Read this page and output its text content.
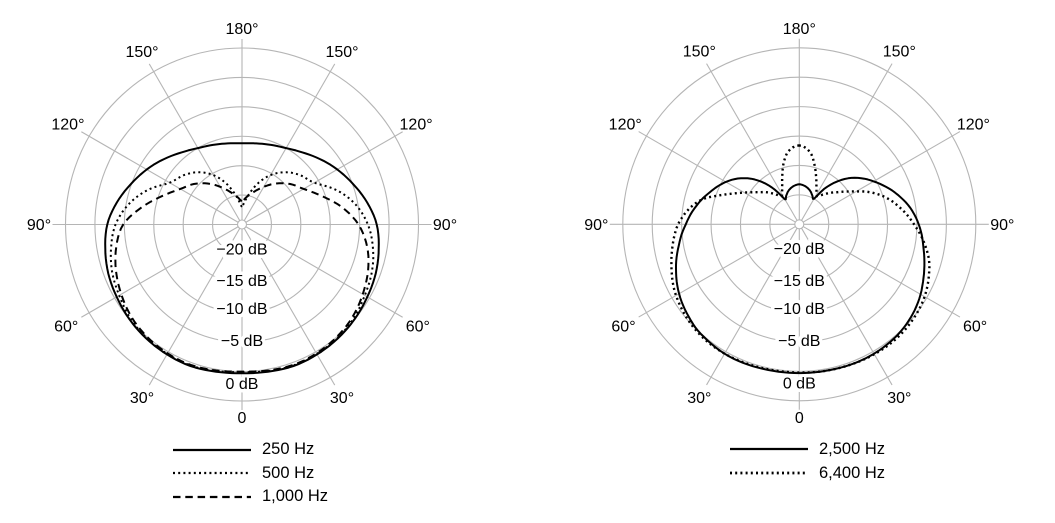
−20 dB
−15 dB
−10 dB
−5 dB
0 dB
180°
150°
150°
120°
120°
90°
90°
60°
60°
30°
30°
0
−20 dB
−15 dB
−10 dB
−5 dB
0 dB
180°
150°
150°
120°
120°
90°
90°
60°
60°
30°
30°
0
250 Hz
500 Hz
1,000 Hz
2,500 Hz
6,400 Hz
